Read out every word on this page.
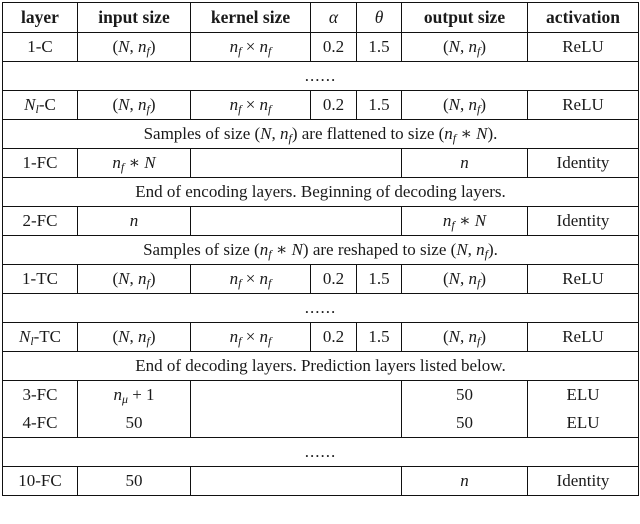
layer	input size	kernel size	α	θ	output size	activation
1-C	(N, $n_f$)	$n_f \times n_f$	0.2	1.5	(N, $n_f$)	ReLU
......						
$N_l-C$	(N, $n_f$)	$n_f \times n_f$	0.2	1.5	(N, $n_f$)	ReLU
Samples of size (N, $n_f$) are flattened to size ($n_f$ ∗ N).						
1-FC	$n_f$ ∗ N				n	Identity
End of encoding layers. Beginning of decoding layers.						
2-FC	n				$n_f$ ∗ N	Identity
Samples of size ($n_f$ ∗ N) are reshaped to size (N, $n_f$).						
1-TC	(N, $n_f$)	$n_f \times n_f$	0.2	1.5	(N, $n_f$)	ReLU
......						
$N_l-TC$	(N, $n_f$)	$n_f \times n_f$	0.2	1.5	(N, $n_f$)	ReLU
End of decoding layers. Prediction layers listed below.						
3-FC	$n_\mu + 1$				50	ELU
4-FC	50				50	ELU
......						
10-FC	50				n	Identity
